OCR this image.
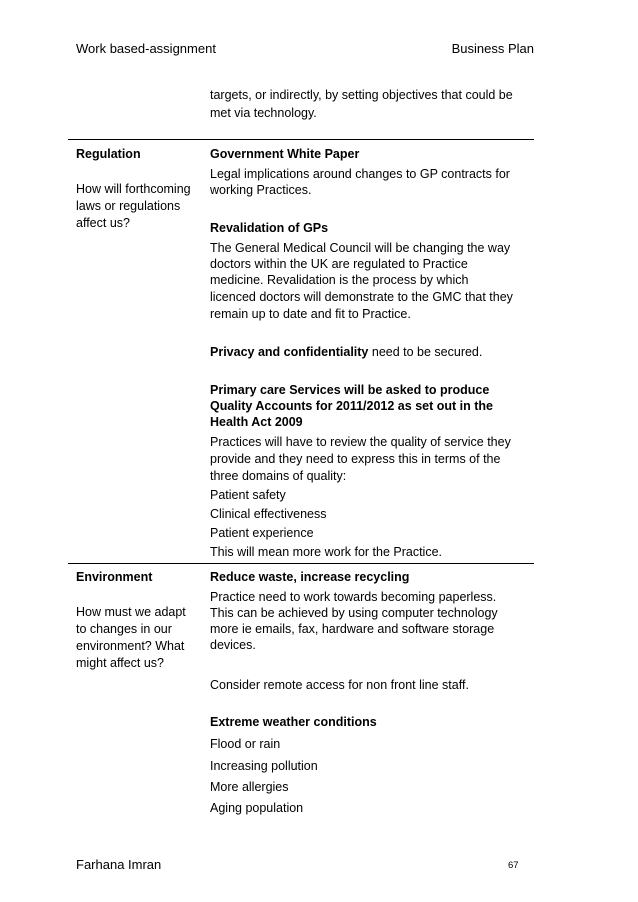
Work based-assignment	Business Plan
targets, or indirectly, by setting objectives that could be
met via technology.
Regulation
How will forthcoming
laws or regulations
affect us?
Government White Paper
Legal implications around changes to GP contracts for
working Practices.
Revalidation of GPs
The General Medical Council will be changing the way
doctors within the UK are regulated to Practice
medicine. Revalidation is the process by which
licenced doctors will demonstrate to the GMC that they
remain up to date and fit to Practice.
Privacy and confidentiality need to be secured.
Primary care Services will be asked to produce
Quality Accounts for 2011/2012 as set out in the
Health Act 2009
Practices will have to review the quality of service they
provide and they need to express this in terms of the
three domains of quality:
Patient safety
Clinical effectiveness
Patient experience
This will mean more work for the Practice.
Environment
How must we adapt
to changes in our
environment? What
might affect us?
Reduce waste, increase recycling
Practice need to work towards becoming paperless.
This can be achieved by using computer technology
more ie emails, fax, hardware and software storage
devices.
Consider remote access for non front line staff.
Extreme weather conditions
Flood or rain
Increasing pollution
More allergies
Aging population
Farhana Imran	67
